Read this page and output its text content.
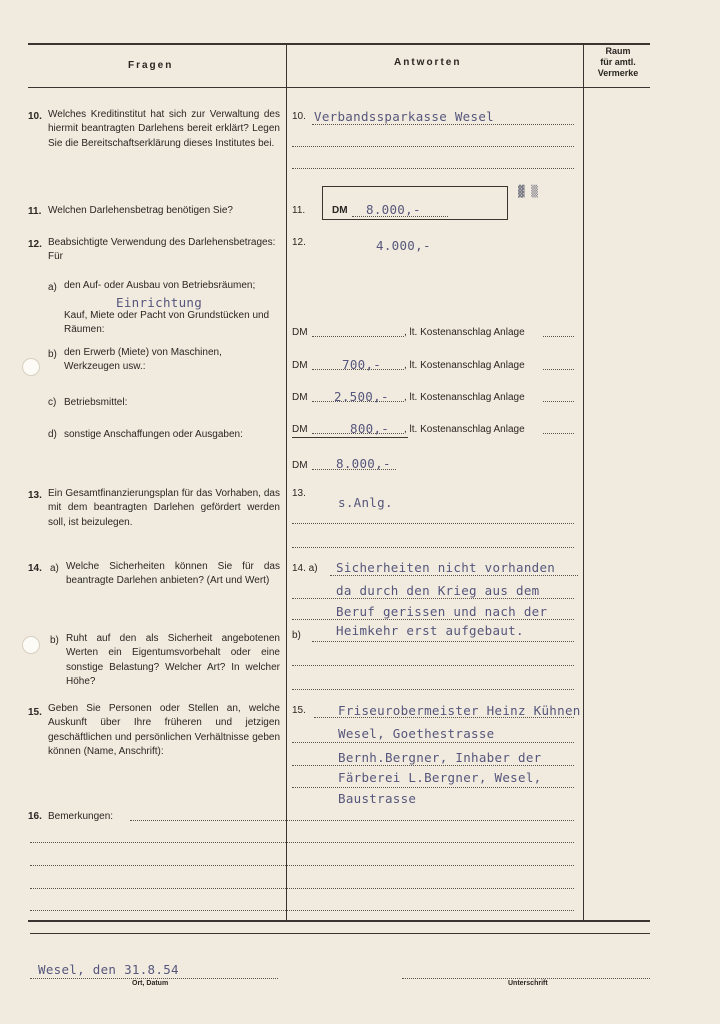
Fragen	Antworten
Raum
für amtl.
Vermerke
10. Welches Kreditinstitut hat sich zur Verwaltung des hiermit beantragten Darlehens bereit erklärt? Legen Sie die Bereitschaftserklärung dieses Institutes bei.
10. Verbandssparkasse Wesel
11. Welchen Darlehensbetrag benötigen Sie?	11.	DM 8.000,-
▓ ▒
12. Beabsichtigte Verwendung des Darlehensbetrages: Für
12.	4.000,-
a) den Auf- oder Ausbau von Betriebsräumen;
Einrichtung
Kauf, Miete oder Pacht von Grundstücken und Räumen:	DM	, lt. Kostenanschlag Anlage
b) den Erwerb (Miete) von Maschinen, Werkzeugen usw.:	DM	700,- , lt. Kostenanschlag Anlage
c) Betriebsmittel:	DM 2.500,- , lt. Kostenanschlag Anlage
d) sonstige Anschaffungen oder Ausgaben:	DM	800,- , lt. Kostenanschlag Anlage
DM 8.000,-
13. Ein Gesamtfinanzierungsplan für das Vorhaben, das mit dem beantragten Darlehen gefördert werden soll, ist beizulegen.
13.
s.Anlg.
14. a) Welche Sicherheiten können Sie für das beantragte Darlehen anbieten? (Art und Wert)
14. a) Sicherheiten nicht vorhanden
da durch den Krieg aus dem
Beruf gerissen und nach der
Heimkehr erst aufgebaut.
b) Ruht auf den als Sicherheit angebotenen Werten ein Eigentumsvorbehalt oder eine sonstige Belastung? Welcher Art? In welcher Höhe?
b)
15. Geben Sie Personen oder Stellen an, welche Auskunft über Ihre früheren und jetzigen geschäftlichen und persönlichen Verhältnisse geben können (Name, Anschrift):
15.	Friseurobermeister Heinz Kühnen
Wesel, Goethestrasse
Bernh.Bergner, Inhaber der
Färberei L.Bergner, Wesel,
Baustrasse
16. Bemerkungen:
Wesel, den 31.8.54
Ort, Datum	Unterschrift
